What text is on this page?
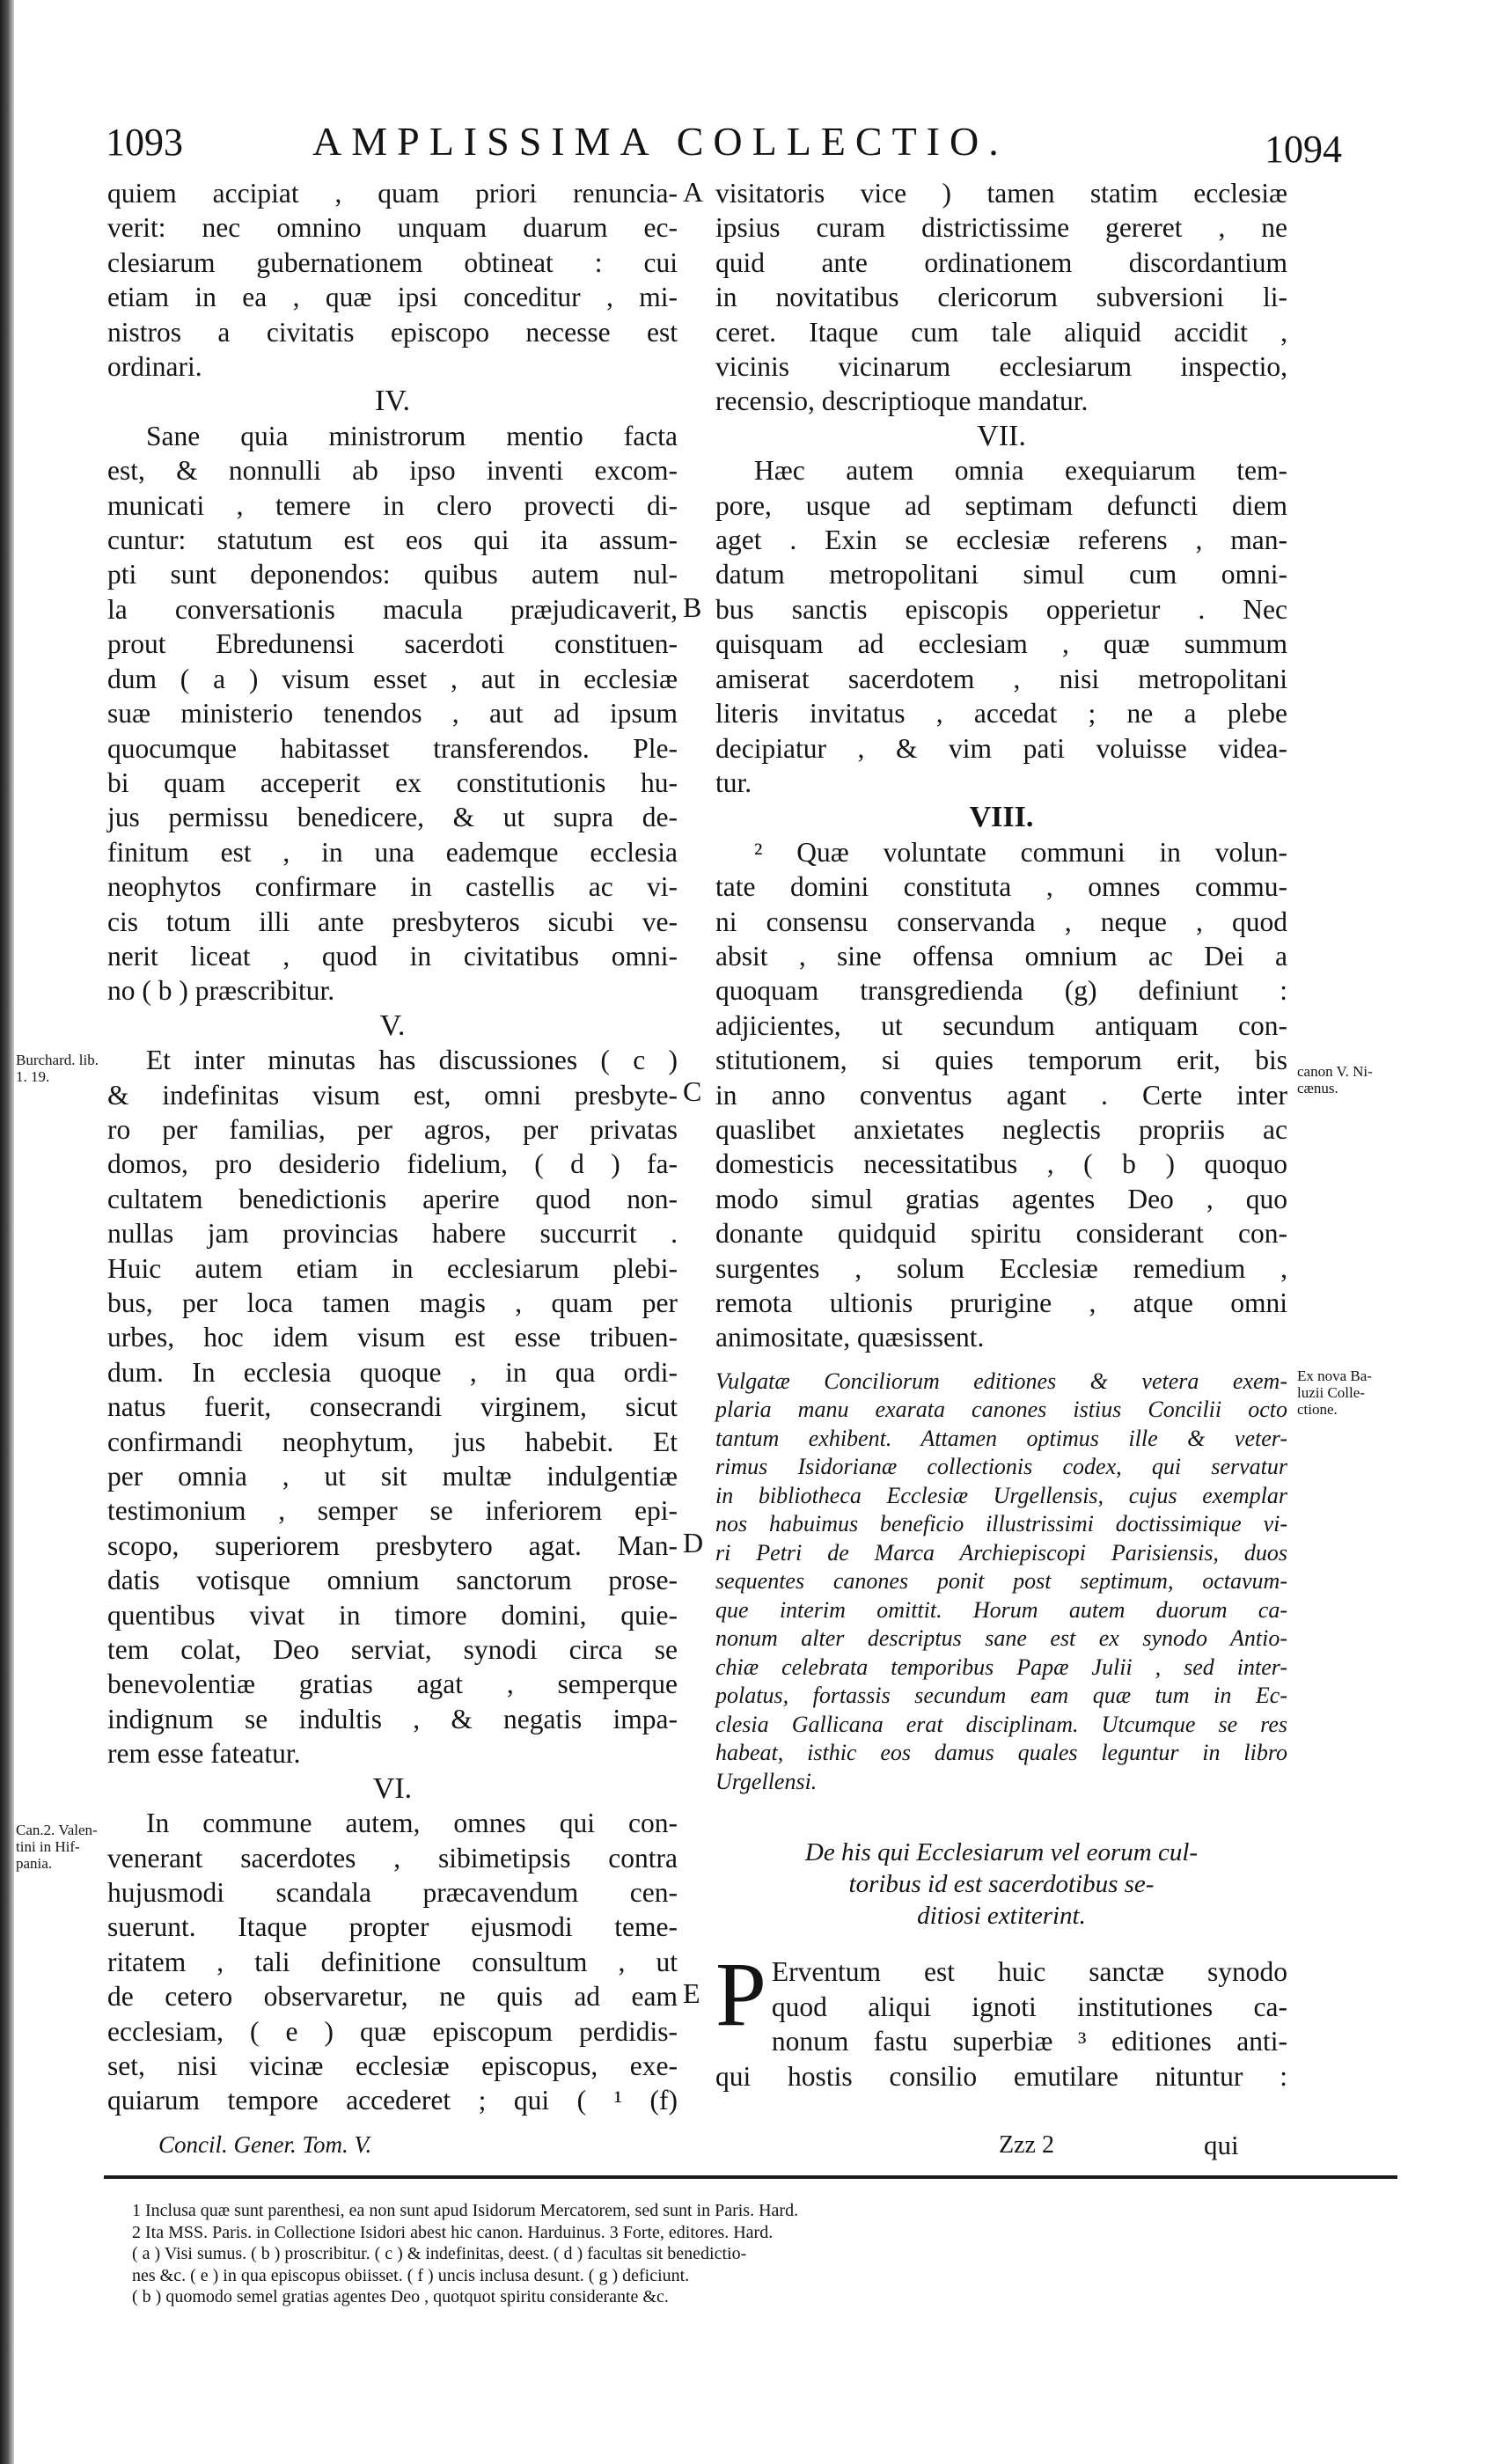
1093	AMPLISSIMA COLLECTIO.	1094
quiem accipiat , quam priori renuncia-
verit: nec omnino unquam duarum ec-
clesiarum gubernationem obtineat : cui
etiam in ea , quæ ipsi conceditur , mi-
nistros a civitatis episcopo necesse est
ordinari.
IV.
Sane quia ministrorum mentio facta
est, & nonnulli ab ipso inventi excom-
municati , temere in clero provecti di-
cuntur: statutum est eos qui ita assum-
pti sunt deponendos: quibus autem nul-
la conversationis macula præjudicaverit,
prout Ebredunensi sacerdoti constituen-
dum ( a ) visum esset , aut in ecclesiæ
suæ ministerio tenendos , aut ad ipsum
quocumque habitasset transferendos. Ple-
bi quam acceperit ex constitutionis hu-
jus permissu benedicere, & ut supra de-
finitum est , in una eademque ecclesia
neophytos confirmare in castellis ac vi-
cis totum illi ante presbyteros sicubi ve-
nerit liceat , quod in civitatibus omni-
no ( b ) præscribitur.
V.
Et inter minutas has discussiones ( c )
& indefinitas visum est, omni presbyte-
ro per familias, per agros, per privatas
domos, pro desiderio fidelium, ( d ) fa-
cultatem benedictionis aperire quod non-
nullas jam provincias habere succurrit .
Huic autem etiam in ecclesiarum plebi-
bus, per loca tamen magis , quam per
urbes, hoc idem visum est esse tribuen-
dum. In ecclesia quoque , in qua ordi-
natus fuerit, consecrandi virginem, sicut
confirmandi neophytum, jus habebit. Et
per omnia , ut sit multæ indulgentiæ
testimonium , semper se inferiorem epi-
scopo, superiorem presbytero agat. Man-
datis votisque omnium sanctorum prose-
quentibus vivat in timore domini, quie-
tem colat, Deo serviat, synodi circa se
benevolentiæ gratias agat , semperque
indignum se indultis , & negatis impa-
rem esse fateatur.
VI.
In commune autem, omnes qui con-
venerant sacerdotes , sibimetipsis contra
hujusmodi scandala præcavendum cen-
suerunt. Itaque propter ejusmodi teme-
ritatem , tali definitione consultum , ut
de cetero observaretur, ne quis ad eam
ecclesiam, ( e ) quæ episcopum perdidis-
set, nisi vicinæ ecclesiæ episcopus, exe-
quiarum tempore accederet ; qui ( ¹ (f)
visitatoris vice ) tamen statim ecclesiæ
ipsius curam districtissime gereret , ne
quid ante ordinationem discordantium
in novitatibus clericorum subversioni li-
ceret. Itaque cum tale aliquid accidit ,
vicinis vicinarum ecclesiarum inspectio,
recensio, descriptioque mandatur.
VII.
Hæc autem omnia exequiarum tem-
pore, usque ad septimam defuncti diem
aget . Exin se ecclesiæ referens , man-
datum metropolitani simul cum omni-
bus sanctis episcopis opperietur . Nec
quisquam ad ecclesiam , quæ summum
amiserat sacerdotem , nisi metropolitani
literis invitatus , accedat ; ne a plebe
decipiatur , & vim pati voluisse videa-
tur.
VIII.
² Quæ voluntate communi in volun-
tate domini constituta , omnes commu-
ni consensu conservanda , neque , quod
absit , sine offensa omnium ac Dei a
quoquam transgredienda (g) definiunt :
adjicientes, ut secundum antiquam con-
stitutionem, si quies temporum erit, bis
in anno conventus agant . Certe inter
quaslibet anxietates neglectis propriis ac
domesticis necessitatibus , ( b ) quoquo
modo simul gratias agentes Deo , quo
donante quidquid spiritu considerant con-
surgentes , solum Ecclesiæ remedium ,
remota ultionis prurigine , atque omni
animositate, quæsissent.
Vulgatæ Conciliorum editiones & vetera exem-
plaria manu exarata canones istius Concilii octo
tantum exhibent. Attamen optimus ille & veter-
rimus Isidorianæ collectionis codex, qui servatur
in bibliotheca Ecclesiæ Urgellensis, cujus exemplar
nos habuimus beneficio illustrissimi doctissimique vi-
ri Petri de Marca Archiepiscopi Parisiensis, duos
sequentes canones ponit post septimum, octavum-
que interim omittit. Horum autem duorum ca-
nonum alter descriptus sane est ex synodo Antio-
chiæ celebrata temporibus Papæ Julii , sed inter-
polatus, fortassis secundum eam quæ tum in Ec-
clesia Gallicana erat disciplinam. Utcumque se res
habeat, isthic eos damus quales leguntur in libro
Urgellensi.
De his qui Ecclesiarum vel eorum cul-
toribus id est sacerdotibus se-
ditiosi extiterint.
P Erventum est huic sanctæ synodo
quod aliqui ignoti institutiones ca-
nonum fastu superbiæ ³ editiones anti-
qui hostis consilio emutilare nituntur :
A
B
C
D
E
Burchard. lib.
1. 19.
Can.2. Valen-
tini in Hif-
pania.
canon V. Ni-
cænus.
Ex nova Ba-
luzii Colle-
ctione.
Concil. Gener. Tom. V.	Zzz 2	qui
1 Inclusa quæ sunt parenthesi, ea non sunt apud Isidorum Mercatorem, sed sunt in Paris. Hard.
2 Ita MSS. Paris. in Collectione Isidori abest hic canon. Harduinus. 3 Forte, editores. Hard.
( a ) Visi sumus. ( b ) proscribitur. ( c ) & indefinitas, deest. ( d ) facultas sit benedictio-
nes &c. ( e ) in qua episcopus obiisset. ( f ) uncis inclusa desunt. ( g ) deficiunt.
( b ) quomodo semel gratias agentes Deo , quotquot spiritu considerante &c.
